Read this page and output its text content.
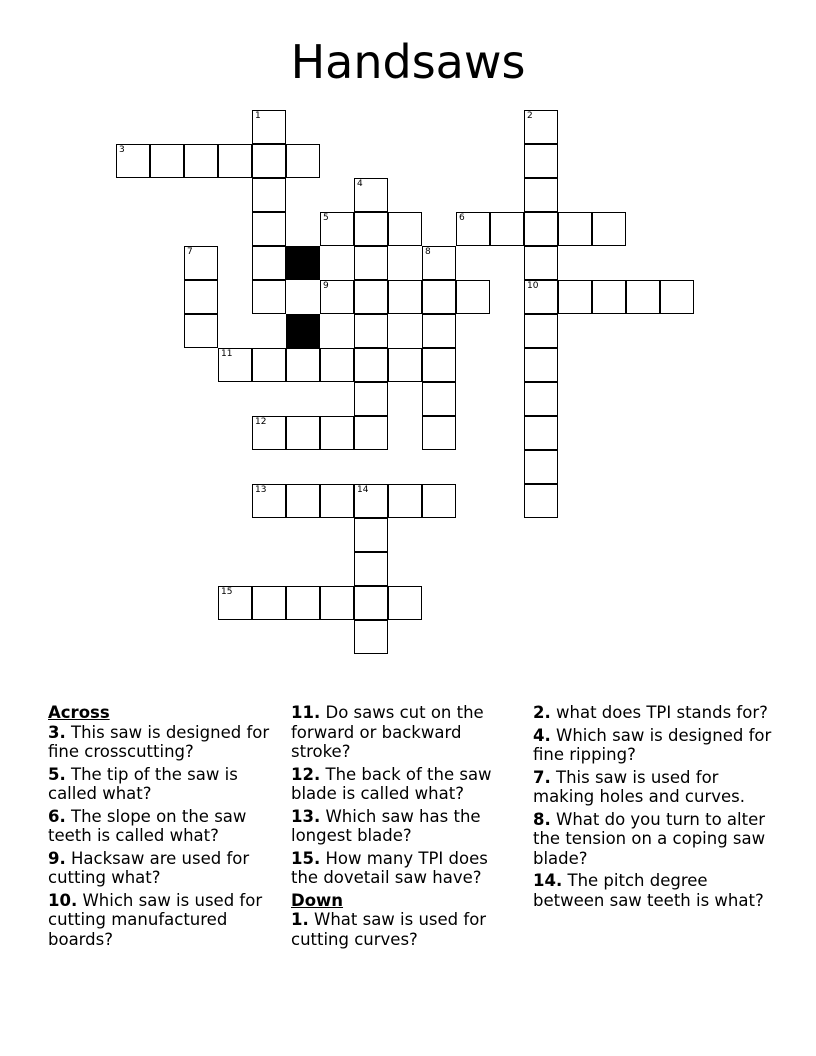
Handsaws
1	2
10
3
4
5	6
7	8
9
11
12
13	14
15
Across
3. This saw is designed for fine crosscutting?
5. The tip of the saw is called what?
6. The slope on the saw teeth is called what?
9. Hacksaw are used for cutting what?
10. Which saw is used for cutting manufactured boards?
11. Do saws cut on the forward or backward stroke?
12. The back of the saw blade is called what?
13. Which saw has the longest blade?
15. How many TPI does the dovetail saw have?
Down
1. What saw is used for cutting curves?
2. what does TPI stands for?
4. Which saw is designed for fine ripping?
7. This saw is used for making holes and curves.
8. What do you turn to alter the tension on a coping saw blade?
14. The pitch degree between saw teeth is what?
